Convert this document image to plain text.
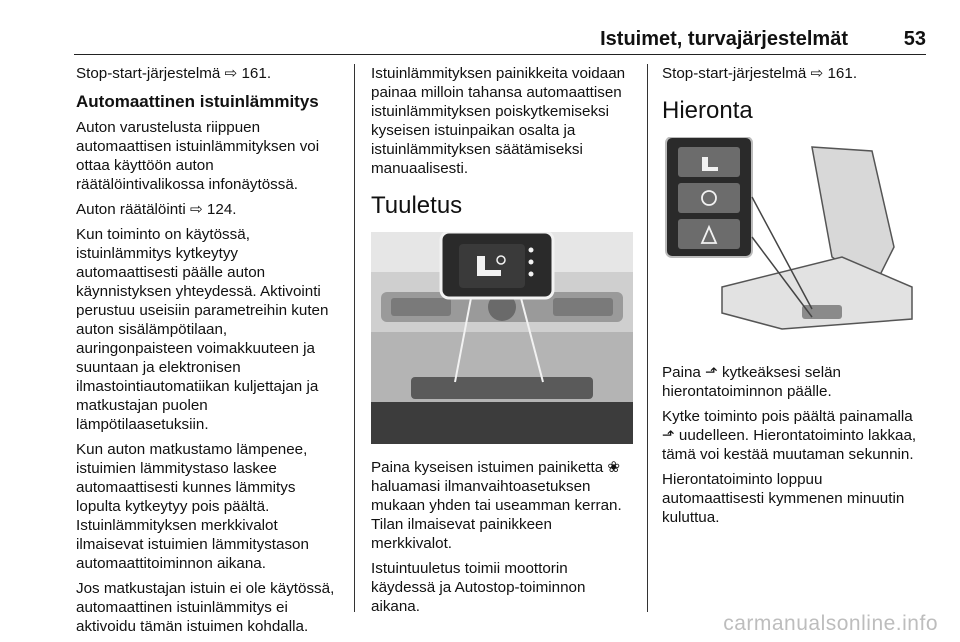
Istuimet, turvajärjestelmät	53

Stop-start-järjestelmä ⇨ 161.

Automaattinen istuinlämmitys

Auton varustelusta riippuen automaattisen istuinlämmityksen voi ottaa käyttöön auton räätälöintivalikossa infonäytössä.

Auton räätälöinti ⇨ 124.

Kun toiminto on käytössä, istuinlämmitys kytkeytyy automaattisesti päälle auton käynnistyksen yhteydessä. Aktivointi perustuu useisiin parametreihin kuten auton sisälämpötilaan, auringonpaisteen voimakkuuteen ja suuntaan ja elektronisen ilmastointiautomatiikan kuljettajan ja matkustajan puolen lämpötilaasetuksiin.

Kun auton matkustamo lämpenee, istuimien lämmitystaso laskee automaattisesti kunnes lämmitys lopulta kytkeytyy pois päältä. Istuinlämmityksen merkkivalot ilmaisevat istuimien lämmitystason automaattitoiminnon aikana.

Jos matkustajan istuin ei ole käytössä, automaattinen istuinlämmitys ei aktivoidu tämän istuimen kohdalla.

Istuinlämmityksen painikkeita voidaan painaa milloin tahansa automaattisen istuinlämmityksen poiskytkemiseksi kyseisen istuinpaikan osalta ja istuinlämmityksen säätämiseksi manuaalisesti.

Tuuletus

Paina kyseisen istuimen painiketta ❀ haluamasi ilmanvaihtoasetuksen mukaan yhden tai useamman kerran. Tilan ilmaisevat painikkeen merkkivalot.

Istuintuuletus toimii moottorin käydessä ja Autostop-toiminnon aikana.

Stop-start-järjestelmä ⇨ 161.

Hieronta

Paina ⬏ kytkeäksesi selän hierontatoiminnon päälle.

Kytke toiminto pois päältä painamalla ⬏ uudelleen. Hierontatoiminto lakkaa, tämä voi kestää muutaman sekunnin.

Hierontatoiminto loppuu automaattisesti kymmenen minuutin kuluttua.

carmanualsonline.info
